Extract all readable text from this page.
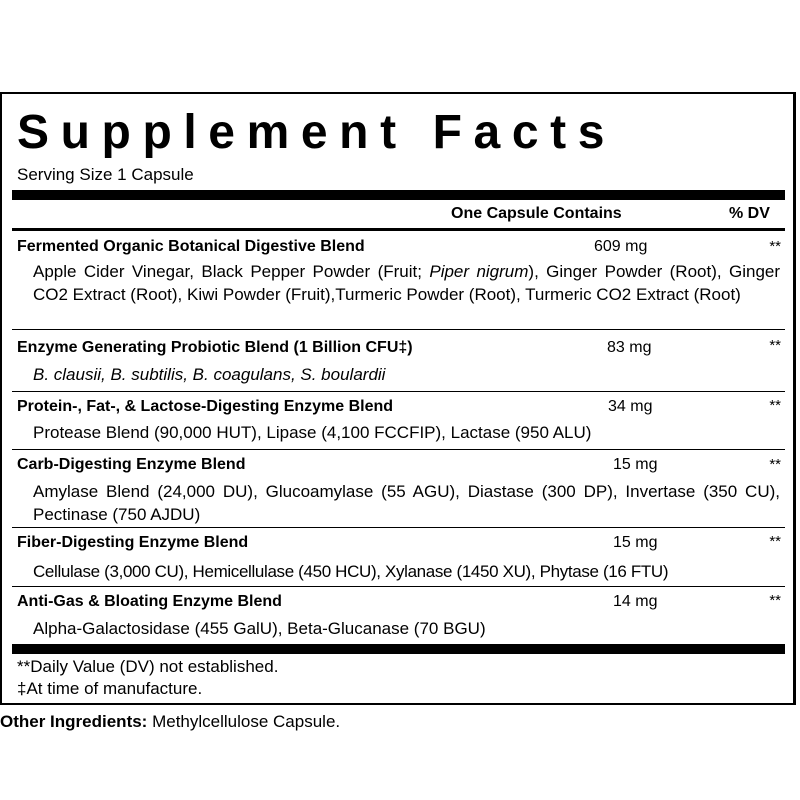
Supplement Facts
Serving Size 1 Capsule
One Capsule Contains	% DV
Fermented Organic Botanical Digestive Blend	609 mg	**
Apple Cider Vinegar, Black Pepper Powder (Fruit; Piper nigrum), Ginger Powder (Root), Ginger CO2 Extract (Root), Kiwi Powder (Fruit),Turmeric Powder (Root), Turmeric CO2 Extract (Root)
Enzyme Generating Probiotic Blend (1 Billion CFU‡)	83 mg	**
B. clausii, B. subtilis, B. coagulans, S. boulardii
Protein-, Fat-, & Lactose-Digesting Enzyme Blend	34 mg	**
Protease Blend (90,000 HUT), Lipase (4,100 FCCFIP), Lactase (950 ALU)
Carb-Digesting Enzyme Blend	15 mg	**
Amylase Blend (24,000 DU), Glucoamylase (55 AGU), Diastase (300 DP), Invertase (350 CU), Pectinase (750 AJDU)
Fiber-Digesting Enzyme Blend	15 mg	**
Cellulase (3,000 CU), Hemicellulase (450 HCU), Xylanase (1450 XU), Phytase (16 FTU)
Anti-Gas & Bloating Enzyme Blend	14 mg	**
Alpha-Galactosidase (455 GalU), Beta-Glucanase (70 BGU)
**Daily Value (DV) not established.
‡At time of manufacture.
Other Ingredients: Methylcellulose Capsule.
